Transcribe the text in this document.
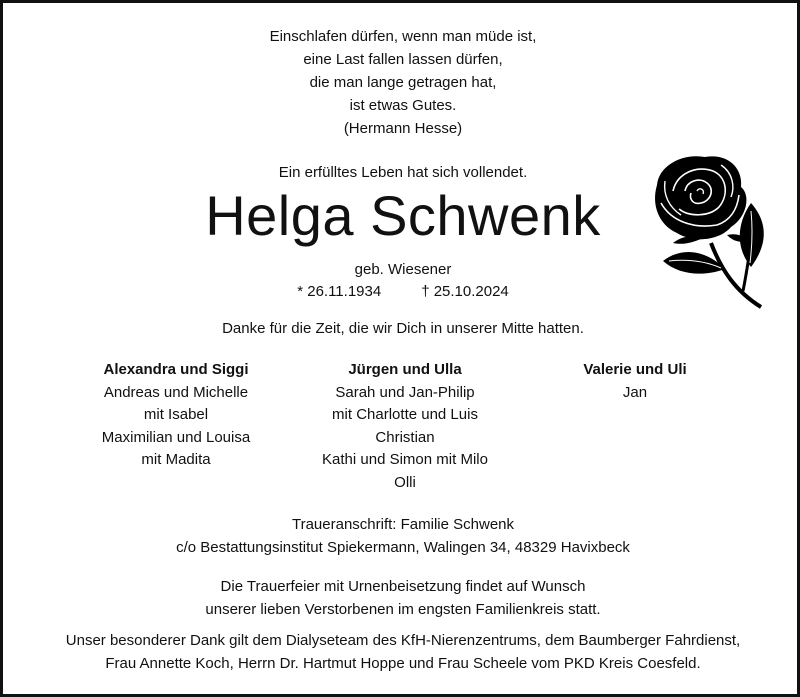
Einschlafen dürfen, wenn man müde ist,
eine Last fallen lassen dürfen,
die man lange getragen hat,
ist etwas Gutes.
(Hermann Hesse)
Ein erfülltes Leben hat sich vollendet.
Helga Schwenk
geb. Wiesener
* 26.11.1934	† 25.10.2024
Danke für die Zeit, die wir Dich in unserer Mitte hatten.
Alexandra und Siggi
Andreas und Michelle
mit Isabel
Maximilian und Louisa
mit Madita
Jürgen und Ulla
Sarah und Jan-Philip
mit Charlotte und Luis
Christian
Kathi und Simon mit Milo
Olli
Valerie und Uli
Jan
Traueranschrift: Familie Schwenk
c/o Bestattungsinstitut Spiekermann, Walingen 34, 48329 Havixbeck
Die Trauerfeier mit Urnenbeisetzung findet auf Wunsch
unserer lieben Verstorbenen im engsten Familienkreis statt.
Unser besonderer Dank gilt dem Dialyseteam des KfH-Nierenzentrums, dem Baumberger Fahrdienst,
Frau Annette Koch, Herrn Dr. Hartmut Hoppe und Frau Scheele vom PKD Kreis Coesfeld.
